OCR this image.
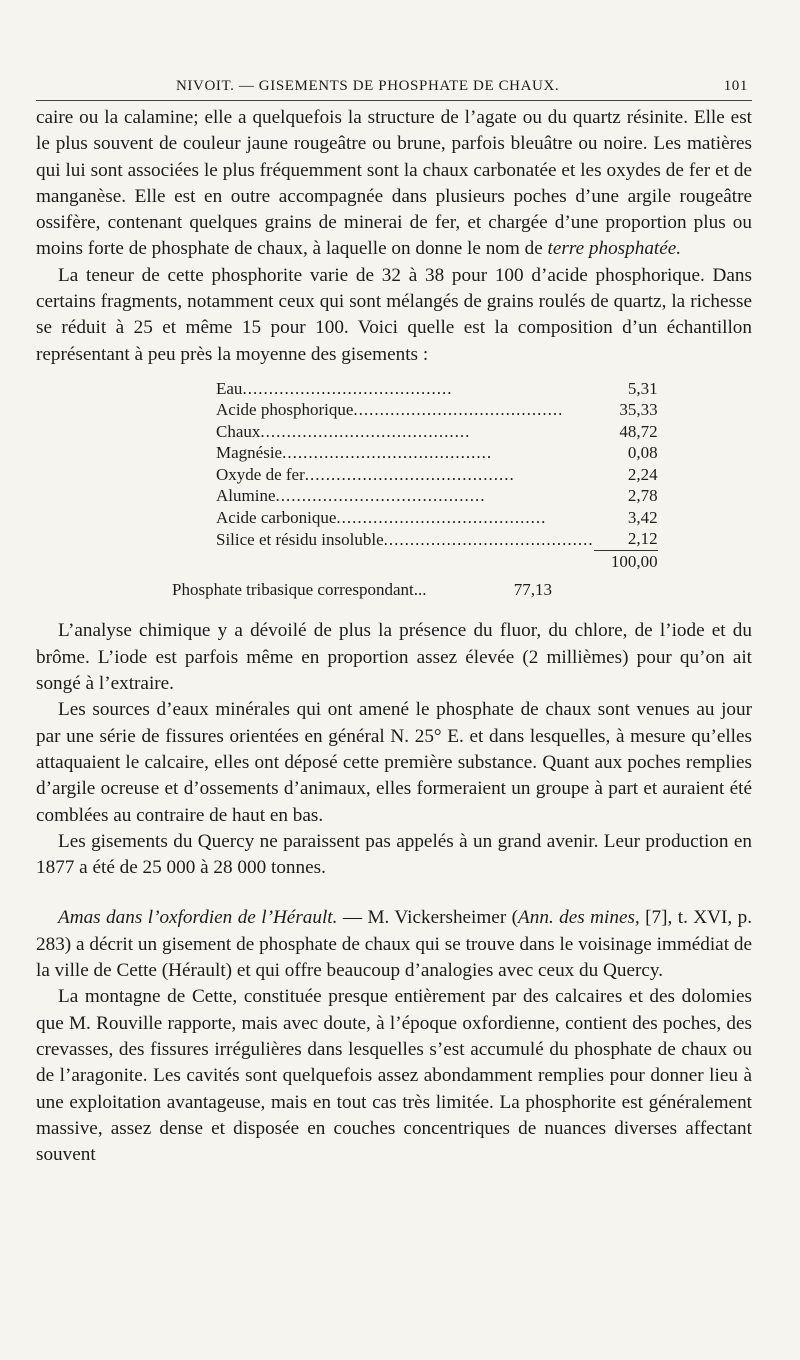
NIVOIT. — GISEMENTS DE PHOSPHATE DE CHAUX.	101

caire ou la calamine; elle a quelquefois la structure de l’agate ou du quartz résinite. Elle est le plus souvent de couleur jaune rougeâtre ou brune, parfois bleuâtre ou noire. Les matières qui lui sont associées le plus fréquemment sont la chaux carbonatée et les oxydes de fer et de manganèse. Elle est en outre accompagnée dans plusieurs poches d’une argile rougeâtre ossifère, contenant quelques grains de minerai de fer, et chargée d’une proportion plus ou moins forte de phosphate de chaux, à laquelle on donne le nom de terre phosphatée.

La teneur de cette phosphorite varie de 32 à 38 pour 100 d’acide phosphorique. Dans certains fragments, notamment ceux qui sont mélangés de grains roulés de quartz, la richesse se réduit à 25 et même 15 pour 100. Voici quelle est la composition d’un échantillon représentant à peu près la moyenne des gisements :

Eau........................................	5,31
Acide phosphorique........................................	35,33
Chaux........................................	48,72
Magnésie........................................	0,08
Oxyde de fer........................................	2,24
Alumine........................................	2,78
Acide carbonique........................................	3,42
Silice et résidu insoluble........................................	2,12
	100,00
Phosphate tribasique correspondant...	77,13

L’analyse chimique y a dévoilé de plus la présence du fluor, du chlore, de l’iode et du brôme. L’iode est parfois même en proportion assez élevée (2 millièmes) pour qu’on ait songé à l’extraire.

Les sources d’eaux minérales qui ont amené le phosphate de chaux sont venues au jour par une série de fissures orientées en général N. 25° E. et dans lesquelles, à mesure qu’elles attaquaient le calcaire, elles ont déposé cette première substance. Quant aux poches remplies d’argile ocreuse et d’ossements d’animaux, elles formeraient un groupe à part et auraient été comblées au contraire de haut en bas.

Les gisements du Quercy ne paraissent pas appelés à un grand avenir. Leur production en 1877 a été de 25 000 à 28 000 tonnes.

Amas dans l’oxfordien de l’Hérault. — M. Vickersheimer (Ann. des mines, [7], t. XVI, p. 283) a décrit un gisement de phosphate de chaux qui se trouve dans le voisinage immédiat de la ville de Cette (Hérault) et qui offre beaucoup d’analogies avec ceux du Quercy.

La montagne de Cette, constituée presque entièrement par des calcaires et des dolomies que M. Rouville rapporte, mais avec doute, à l’époque oxfordienne, contient des poches, des crevasses, des fissures irrégulières dans lesquelles s’est accumulé du phosphate de chaux ou de l’aragonite. Les cavités sont quelquefois assez abondamment remplies pour donner lieu à une exploitation avantageuse, mais en tout cas très limitée. La phosphorite est généralement massive, assez dense et disposée en couches concentriques de nuances diverses affectant souvent
